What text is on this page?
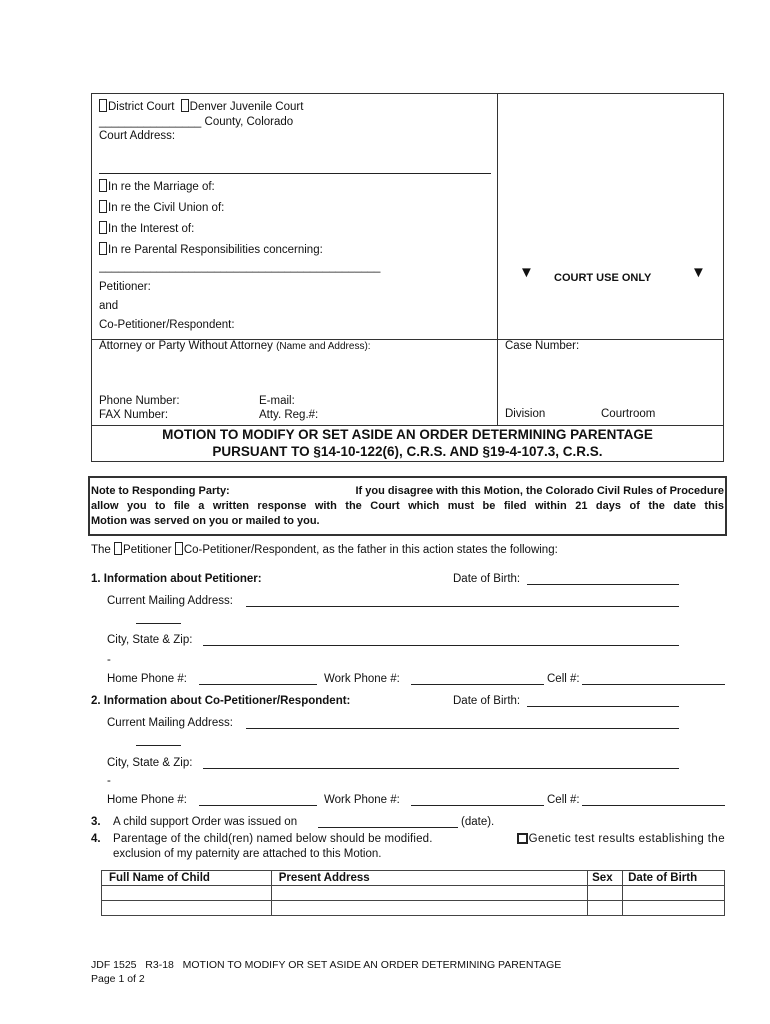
District Court Denver Juvenile Court
________________ County, Colorado
Court Address:
In re the Marriage of:
In re the Civil Union of:
In the Interest of:
In re Parental Responsibilities concerning:
____________________________________________
Petitioner:
and
Co-Petitioner/Respondent:
▼ COURT USE ONLY	▼
Attorney or Party Without Attorney (Name and Address):	Case Number:
Phone Number:	E-mail:
FAX Number:	Atty. Reg.#:	Division	Courtroom
MOTION TO MODIFY OR SET ASIDE AN ORDER DETERMINING PARENTAGE
PURSUANT TO §14-10-122(6), C.R.S. AND §19-4-107.3, C.R.S.
Note to Responding Party:	If you disagree with this Motion, the Colorado Civil Rules of Procedure
allow you to file a written response with the Court which must be filed within 21 days of the date this
Motion was served on you or mailed to you.
The Petitioner Co-Petitioner/Respondent, as the father in this action states the following:
1. Information about Petitioner:	Date of Birth:
Current Mailing Address:
City, State & Zip:
-
Home Phone #:	Work Phone #:	Cell #:
2. Information about Co-Petitioner/Respondent:	Date of Birth:
Current Mailing Address:
City, State & Zip:
-
Home Phone #:	Work Phone #:	Cell #:
3. A child support Order was issued on	(date).
4. Parentage of the child(ren) named below should be modified.	Genetic test results establishing the
exclusion of my paternity are attached to this Motion.
Full Name of Child	Present Address	Sex	Date of Birth

JDF 1525   R3-18   MOTION TO MODIFY OR SET ASIDE AN ORDER DETERMINING PARENTAGE
Page 1 of 2
